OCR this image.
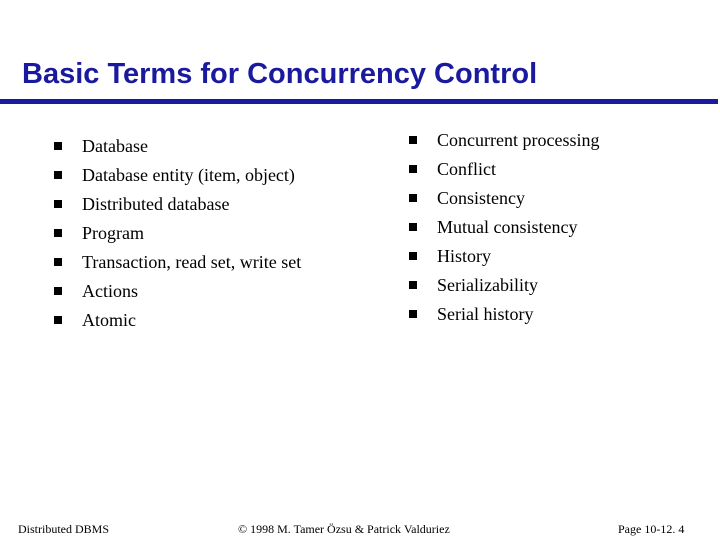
Basic Terms for Concurrency Control
Database
Database entity (item, object)
Distributed database
Program
Transaction, read set, write set
Actions
Atomic
Concurrent processing
Conflict
Consistency
Mutual consistency
History
Serializability
Serial history
Distributed DBMS	© 1998 M. Tamer Özsu & Patrick Valduriez	Page 10-12. 4
